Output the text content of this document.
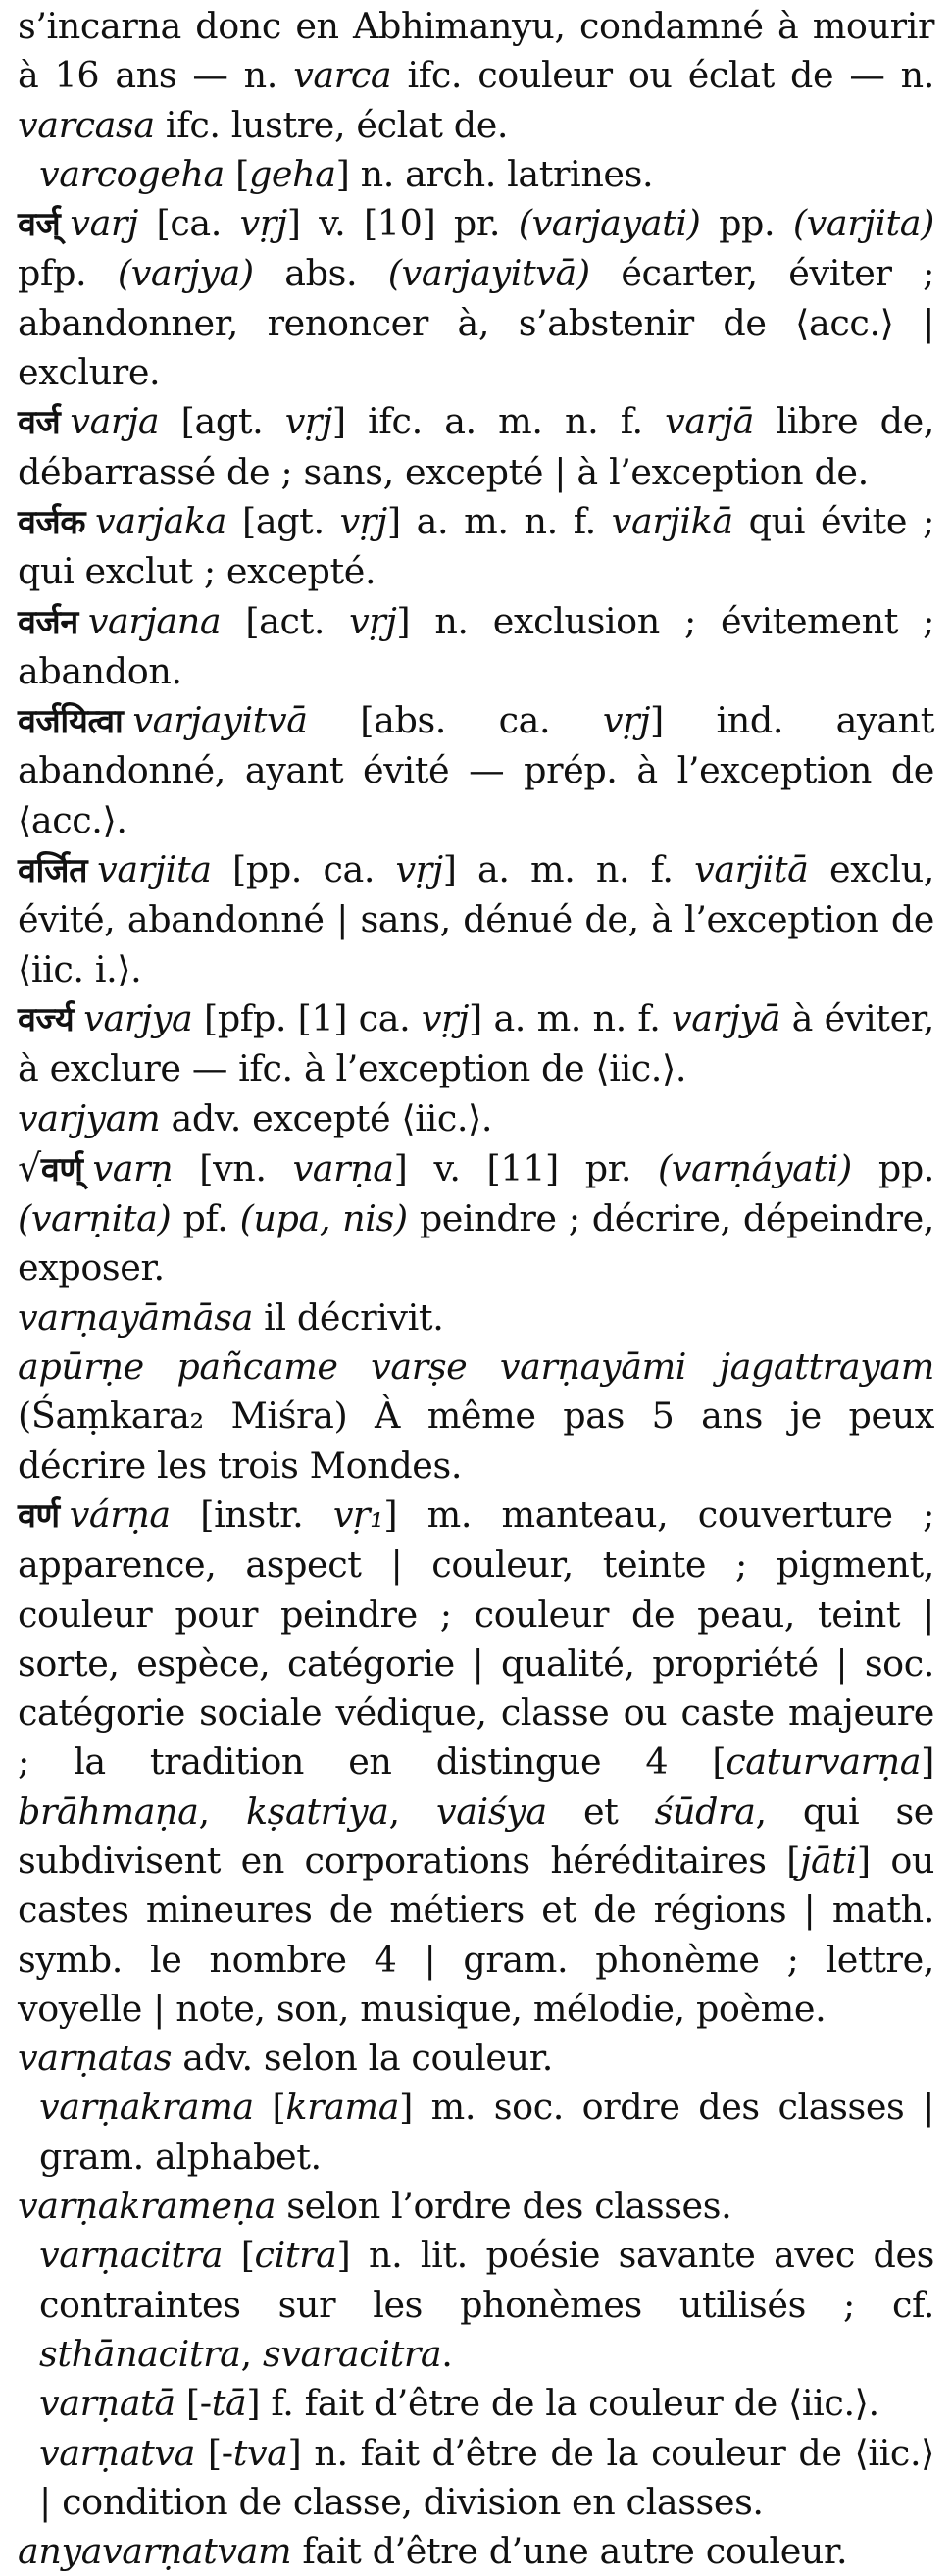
s’incarna donc en Abhimanyu, condamné à mourir à 16 ans — n. varca ifc. couleur ou éclat de — n. varcasa ifc. lustre, éclat de.

varcogeha [geha] n. arch. latrines.

वर्ज् varj [ca. vṛj] v. [10] pr. (varjayati) pp. (varjita) pfp. (varjya) abs. (varjayitvā) écarter, éviter ; abandonner, renoncer à, s’abstenir de ⟨acc.⟩ | exclure.

वर्ज varja [agt. vṛj] ifc. a. m. n. f. varjā libre de, débarrassé de ; sans, excepté | à l’exception de.

वर्जक varjaka [agt. vṛj] a. m. n. f. varjikā qui évite ; qui exclut ; excepté.

वर्जन varjana [act. vṛj] n. exclusion ; évitement ; abandon.

वर्जयित्वा varjayitvā [abs. ca. vṛj] ind. ayant abandonné, ayant évité — prép. à l’exception de ⟨acc.⟩.

वर्जित varjita [pp. ca. vṛj] a. m. n. f. varjitā exclu, évité, abandonné | sans, dénué de, à l’exception de ⟨iic. i.⟩.

वर्ज्य varjya [pfp. [1] ca. vṛj] a. m. n. f. varjyā à éviter, à exclure — ifc. à l’exception de ⟨iic.⟩.

varjyam adv. excepté ⟨iic.⟩.

√वर्ण् varṇ [vn. varṇa] v. [11] pr. (varṇáyati) pp. (varṇita) pf. (upa, nis) peindre ; décrire, dépeindre, exposer.

varṇayāmāsa il décrivit.

apūrṇe pañcame varṣe varṇayāmi jagattrayam (Śaṃkara₂ Miśra) À même pas 5 ans je peux décrire les trois Mondes.

वर्ण várṇa [instr. vṛ₁] m. manteau, couverture ; apparence, aspect | couleur, teinte ; pigment, couleur pour peindre ; couleur de peau, teint | sorte, espèce, catégorie | qualité, propriété | soc. catégorie sociale védique, classe ou caste majeure ; la tradition en distingue 4 [caturvarṇa] brāhmaṇa, kṣatriya, vaiśya et śūdra, qui se subdivisent en corporations héréditaires [jāti] ou castes mineures de métiers et de régions | math. symb. le nombre 4 | gram. phonème ; lettre, voyelle | note, son, musique, mélodie, poème.

varṇatas adv. selon la couleur.

varṇakrama [krama] m. soc. ordre des classes | gram. alphabet.

varṇakrameṇa selon l’ordre des classes.

varṇacitra [citra] n. lit. poésie savante avec des contraintes sur les phonèmes utilisés ; cf. sthānacitra, svaracitra.

varṇatā [-tā] f. fait d’être de la couleur de ⟨iic.⟩.

varṇatva [-tva] n. fait d’être de la couleur de ⟨iic.⟩ | condition de classe, division en classes.

anyavarṇatvam fait d’être d’une autre couleur.
